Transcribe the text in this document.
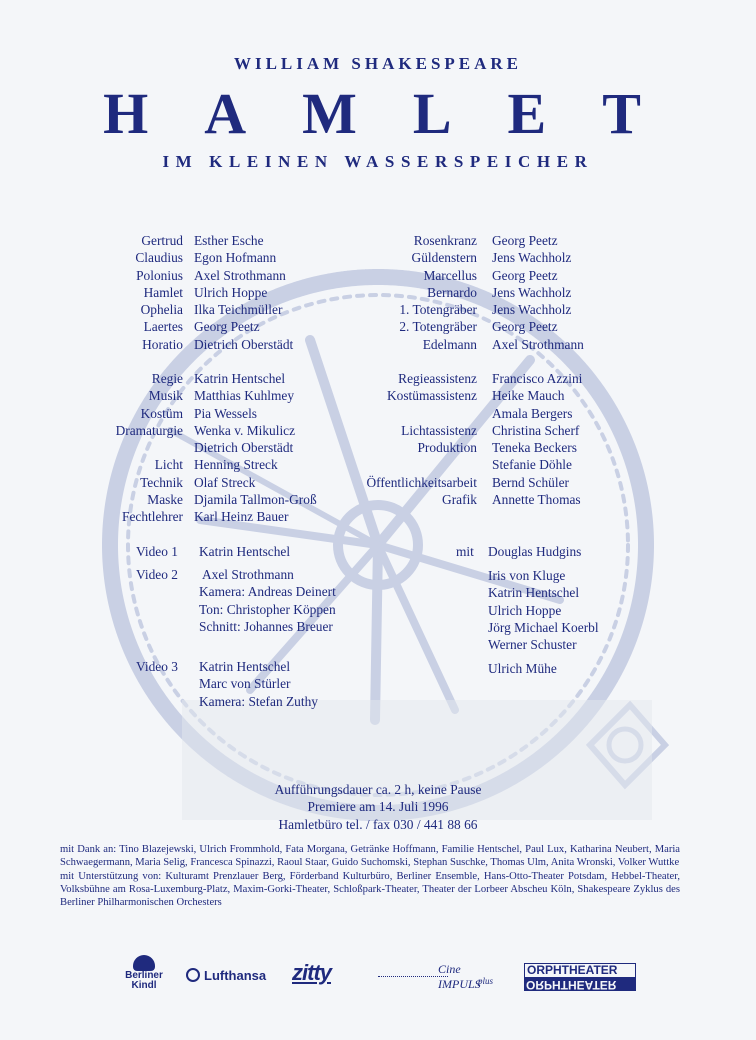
WILLIAM SHAKESPEARE
HAMLET
IM KLEINEN WASSERSPEICHER
Gertrud
Claudius
Polonius
Hamlet
Ophelia
Laertes
Horatio
Esther Esche
Egon Hofmann
Axel Strothmann
Ulrich Hoppe
Ilka Teichmüller
Georg Peetz
Dietrich Oberstädt
Rosenkranz
Güldenstern
Marcellus
Bernardo
1. Totengräber
2. Totengräber
Edelmann
Georg Peetz
Jens Wachholz
Georg Peetz
Jens Wachholz
Jens Wachholz
Georg Peetz
Axel Strothmann
Regie
Musik
Kostüm
Dramaturgie
Licht
Technik
Maske
Fechtlehrer
Katrin Hentschel
Matthias Kuhlmey
Pia Wessels
Wenka v. Mikulicz
Dietrich Oberstädt
Henning Streck
Olaf Streck
Djamila Tallmon-Groß
Karl Heinz Bauer
Regieassistenz
Kostümassistenz
Lichtassistenz
Produktion
Öffentlichkeitsarbeit
Grafik
Francisco Azzini
Heike Mauch
Amala Bergers
Christina Scherf
Teneka Beckers
Stefanie Döhle
Bernd Schüler
Annette Thomas
Video 1 Katrin Hentschel
Video 2 Axel Strothmann
Kamera: Andreas Deinert
Ton: Christopher Köppen
Schnitt: Johannes Breuer
Video 3 Katrin Hentschel
Marc von Stürler
Kamera: Stefan Zuthy
mit Douglas Hudgins
Iris von Kluge
Katrin Hentschel
Ulrich Hoppe
Jörg Michael Koerbl
Werner Schuster
Ulrich Mühe
Aufführungsdauer ca. 2 h, keine Pause
Premiere am 14. Juli 1996
Hamletbüro tel. / fax 030 / 441 88 66

mit Dank an: Tino Blazejewski, Ulrich Frommhold, Fata Morgana, Getränke Hoffmann, Familie Hentschel, Paul Lux, Katharina Neubert, Maria Schwaegermann, Maria Selig, Francesca Spinazzi, Raoul Staar, Guido Suchomski, Stephan Suschke, Thomas Ulm, Anita Wronski, Volker Wuttke

mit Unterstützung von: Kulturamt Prenzlauer Berg, Förderband Kulturbüro, Berliner Ensemble, Hans-Otto-Theater Potsdam, Hebbel-Theater, Volksbühne am Rosa-Luxemburg-Platz, Maxim-Gorki-Theater, Schloßpark-Theater, Theater der Lorbeer Abscheu Köln, Shakespeare Zyklus des Berliner Philharmonischen Orchesters

Berliner
Kindl
Lufthansa	zitty	Cine IMPULS
plus
ORPHTHEATER
ORPHTHEATER
